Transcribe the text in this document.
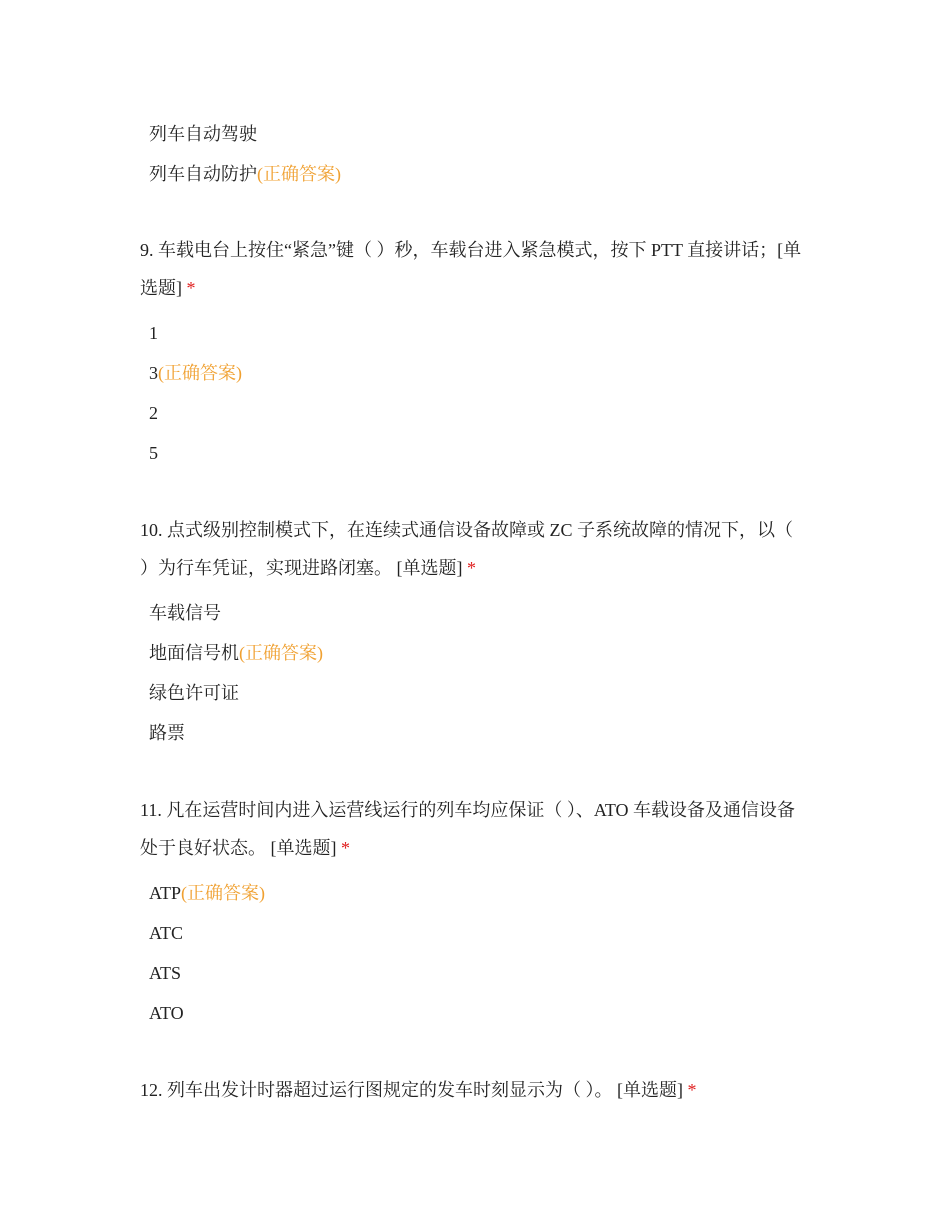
列车自动驾驶
列车自动防护(正确答案)

9. 车载电台上按住“紧急”键（ ）秒，车载台进入紧急模式，按下 PTT 直接讲话；[单选题] *

1
3(正确答案)
2
5

10. 点式级别控制模式下，在连续式通信设备故障或 ZC 子系统故障的情况下，以（ ）为行车凭证，实现进路闭塞。 [单选题] *

车载信号
地面信号机(正确答案)
绿色许可证
路票

11. 凡在运营时间内进入运营线运行的列车均应保证（ ）、ATO 车载设备及通信设备处于良好状态。 [单选题] *

ATP(正确答案)
ATC
ATS
ATO

12. 列车出发计时器超过运行图规定的发车时刻显示为（ ）。 [单选题] *
